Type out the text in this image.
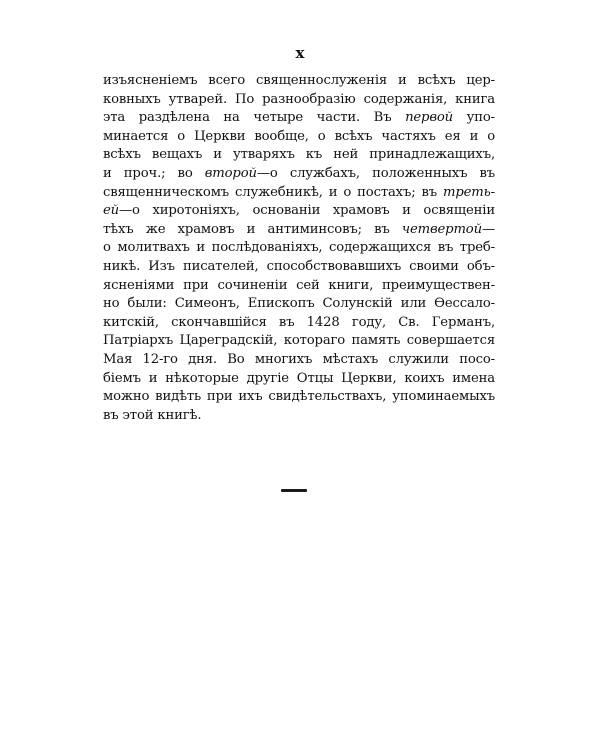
x
изъясненіемъ всего священнослуженія и всѣхъ цер-
ковныхъ утварей. По разнообразію содержанія, книга
эта раздѣлена на четыре части. Въ первой упо-
минается о Церкви вообще, о всѣхъ частяхъ ея и о
всѣхъ вещахъ и утваряхъ къ ней принадлежащихъ,
и проч.; во второй—о службахъ, положенныхъ въ
священническомъ служебникѣ, и о постахъ; въ треть-
ей—о хиротоніяхъ, основаніи храмовъ и освященіи
тѣхъ же храмовъ и антиминсовъ; въ четвертой—
о молитвахъ и послѣдованіяхъ, содержащихся въ треб-
никѣ. Изъ писателей, способствовавшихъ своими объ-
ясненіями при сочиненіи сей книги, преимуществен-
но были: Симеонъ, Епископъ Солунскій или Өессало-
китскій, скончавшійся въ 1428 году, Св. Германъ,
Патріархъ Цареградскій, котораго память совершается
Мая 12-го дня. Во многихъ мѣстахъ служили посо-
біемъ и нѣкоторые другіе Отцы Церкви, коихъ имена
можно видѣть при ихъ свидѣтельствахъ, упоминаемыхъ
въ этой книгѣ.
